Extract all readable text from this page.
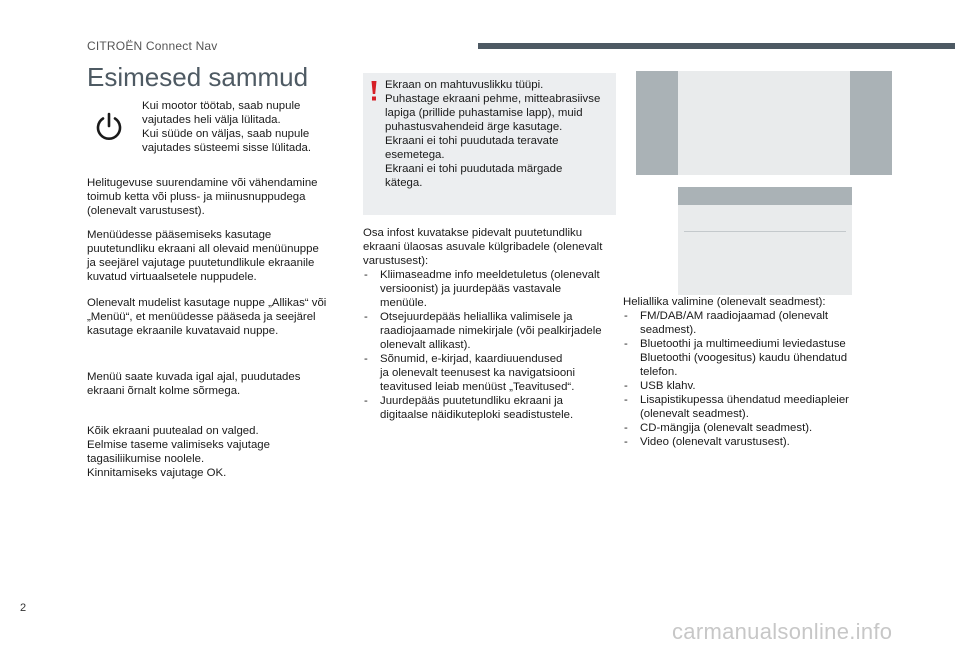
CITROËN Connect Nav
Esimesed sammud

Kui mootor töötab, saab nupule
vajutades heli välja lülitada.
Kui süüde on väljas, saab nupule
vajutades süsteemi sisse lülitada.

Helitugevuse suurendamine või vähendamine
toimub ketta või pluss- ja miinusnuppudega
(olenevalt varustusest).

Menüüdesse pääsemiseks kasutage
puutetundliku ekraani all olevaid menüünuppe
ja seejärel vajutage puutetundlikule ekraanile
kuvatud virtuaalsetele nuppudele.

Olenevalt mudelist kasutage nuppe „Allikas“ või
„Menüü“, et menüüdesse pääseda ja seejärel
kasutage ekraanile kuvatavaid nuppe.

Menüü saate kuvada igal ajal, puudutades
ekraani õrnalt kolme sõrmega.

Kõik ekraani puutealad on valged.
Eelmise taseme valimiseks vajutage
tagasiliikumise noolele.
Kinnitamiseks vajutage OK.

Ekraan on mahtuvuslikku tüüpi.
Puhastage ekraani pehme, mitteabrasiivse
lapiga (prillide puhastamise lapp), muid
puhastusvahendeid ärge kasutage.
Ekraani ei tohi puudutada teravate
esemetega.
Ekraani ei tohi puudutada märgade
kätega.

Osa infost kuvatakse pidevalt puutetundliku
ekraani ülaosas asuvale külgribadele (olenevalt
varustusest):

- Kliimaseadme info meeldetuletus (olenevalt
versioonist) ja juurdepääs vastavale
menüüle.
- Otsejuurdepääs heliallika valimisele ja
raadiojaamade nimekirjale (või pealkirjadele
olenevalt allikast).
- Sõnumid, e-kirjad, kaardiuuendused
ja olenevalt teenusest ka navigatsiooni
teavitused leiab menüüst „Teavitused“.
- Juurdepääs puutetundliku ekraani ja
digitaalse näidikuteploki seadistustele.

Heliallika valimine (olenevalt seadmest):

- FM/DAB/AM raadiojaamad (olenevalt
seadmest).
- Bluetoothi ja multimeediumi leviedastuse
Bluetoothi (voogesitus) kaudu ühendatud
telefon.
- USB klahv.
- Lisapistikupessa ühendatud meediapleier
(olenevalt seadmest).
- CD-mängija (olenevalt seadmest).
- Video (olenevalt varustusest).
2
carmanualsonline.info
